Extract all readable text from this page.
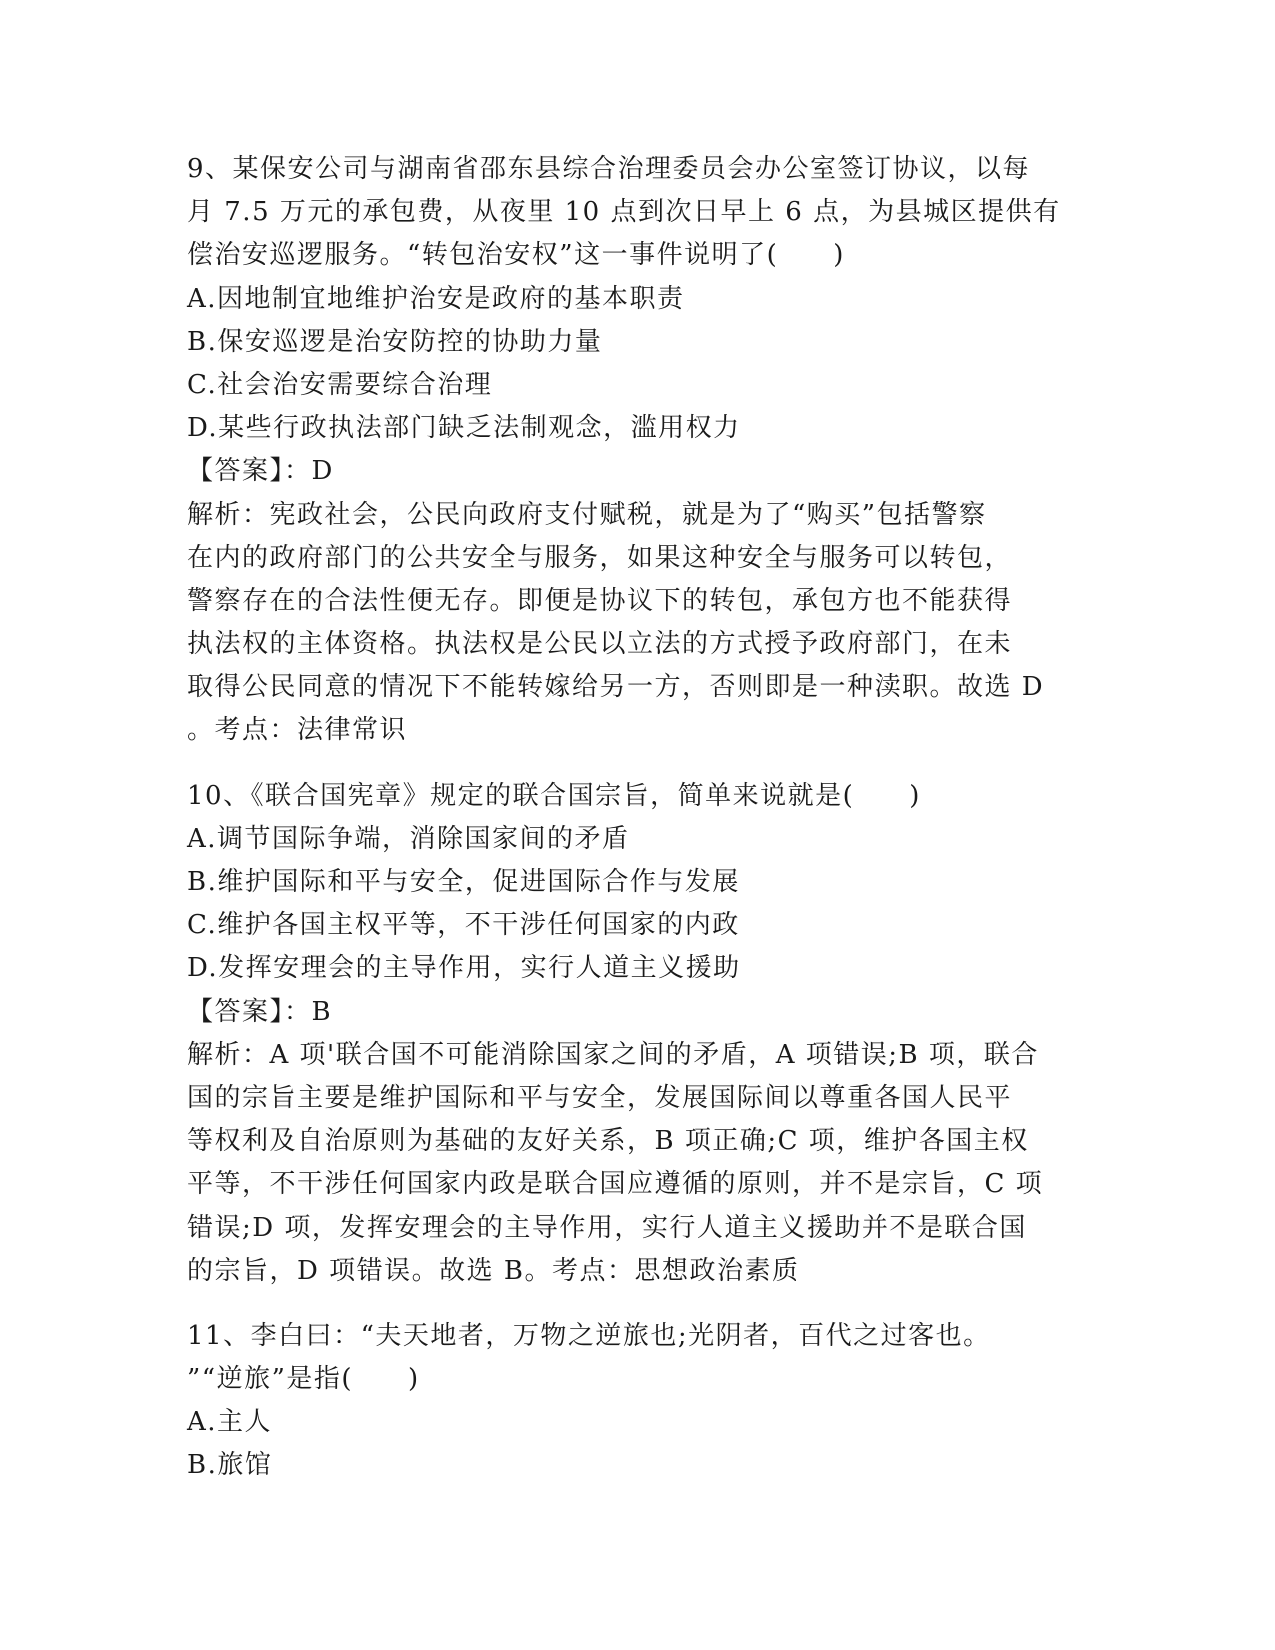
9、某保安公司与湖南省邵东县综合治理委员会办公室签订协议，以每
月 7.5 万元的承包费，从夜里 10 点到次日早上 6 点，为县城区提供有
偿治安巡逻服务。“转包治安权”这一事件说明了(　　)
A.因地制宜地维护治安是政府的基本职责
B.保安巡逻是治安防控的协助力量
C.社会治安需要综合治理
D.某些行政执法部门缺乏法制观念，滥用权力
【答案】：D
解析：宪政社会，公民向政府支付赋税，就是为了“购买”包括警察
在内的政府部门的公共安全与服务，如果这种安全与服务可以转包，
警察存在的合法性便无存。即便是协议下的转包，承包方也不能获得
执法权的主体资格。执法权是公民以立法的方式授予政府部门，在未
取得公民同意的情况下不能转嫁给另一方，否则即是一种渎职。故选 D
。考点：法律常识
10、《联合国宪章》规定的联合国宗旨，简单来说就是(　　)
A.调节国际争端，消除国家间的矛盾
B.维护国际和平与安全，促进国际合作与发展
C.维护各国主权平等，不干涉任何国家的内政
D.发挥安理会的主导作用，实行人道主义援助
【答案】：B
解析：A 项'联合国不可能消除国家之间的矛盾，A 项错误;B 项，联合
国的宗旨主要是维护国际和平与安全，发展国际间以尊重各国人民平
等权利及自治原则为基础的友好关系，B 项正确;C 项，维护各国主权
平等，不干涉任何国家内政是联合国应遵循的原则，并不是宗旨，C 项
错误;D 项，发挥安理会的主导作用，实行人道主义援助并不是联合国
的宗旨，D 项错误。故选 B。考点：思想政治素质
11、李白曰：“夫天地者，万物之逆旅也;光阴者，百代之过客也。
”“逆旅”是指(　　)
A.主人
B.旅馆
